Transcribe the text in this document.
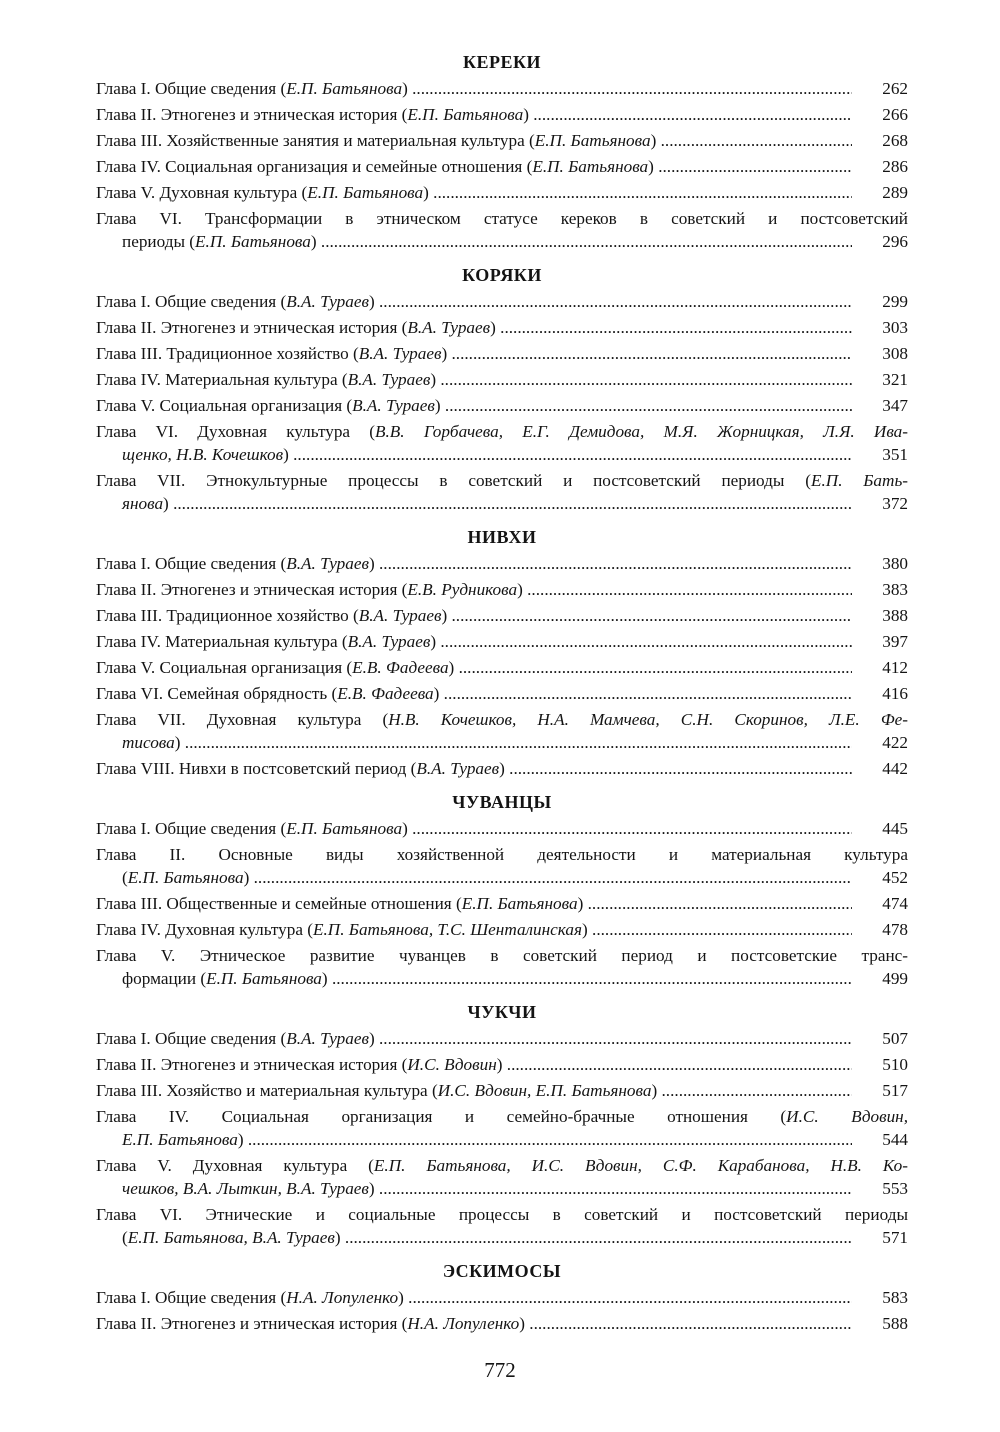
КЕРЕКИ
Глава I. Общие сведения (Е.П. Батьянова) .....	262
Глава II. Этногенез и этническая история (Е.П. Батьянова) .....	266
Глава III. Хозяйственные занятия и материальная культура (Е.П. Батьянова) .....	268
Глава IV. Социальная организация и семейные отношения (Е.П. Батьянова) .....	286
Глава V. Духовная культура (Е.П. Батьянова) .....	289
Глава VI. Трансформации в этническом статусе кереков в советский и постсоветский
периоды (Е.П. Батьянова) .....	296
КОРЯКИ
Глава I. Общие сведения (В.А. Тураев) .....	299
Глава II. Этногенез и этническая история (В.А. Тураев) .....	303
Глава III. Традиционное хозяйство (В.А. Тураев) .....	308
Глава IV. Материальная культура (В.А. Тураев) .....	321
Глава V. Социальная организация (В.А. Тураев) .....	347
Глава VI. Духовная культура (В.В. Горбачева, Е.Г. Демидова, М.Я. Жорницкая, Л.Я. Ива-
щенко, Н.В. Кочешков) .....	351
Глава VII. Этнокультурные процессы в советский и постсоветский периоды (Е.П. Бать-
янова) .....	372
НИВХИ
Глава I. Общие сведения (В.А. Тураев) .....	380
Глава II. Этногенез и этническая история (Е.В. Рудникова) .....	383
Глава III. Традиционное хозяйство (В.А. Тураев) .....	388
Глава IV. Материальная культура (В.А. Тураев) .....	397
Глава V. Социальная организация (Е.В. Фадеева) .....	412
Глава VI. Семейная обрядность (Е.В. Фадеева) .....	416
Глава VII. Духовная культура (Н.В. Кочешков, Н.А. Мамчева, С.Н. Скоринов, Л.Е. Фе-
тисова) .....	422
Глава VIII. Нивхи в постсоветский период (В.А. Тураев) .....	442
ЧУВАНЦЫ
Глава I. Общие сведения (Е.П. Батьянова) .....	445
Глава II. Основные виды хозяйственной деятельности и материальная культура
(Е.П. Батьянова) .....	452
Глава III. Общественные и семейные отношения (Е.П. Батьянова) .....	474
Глава IV. Духовная культура (Е.П. Батьянова, Т.С. Шенталинская) .....	478
Глава V. Этническое развитие чуванцев в советский период и постсоветские транс-
формации (Е.П. Батьянова) .....	499
ЧУКЧИ
Глава I. Общие сведения (В.А. Тураев) .....	507
Глава II. Этногенез и этническая история (И.С. Вдовин) .....	510
Глава III. Хозяйство и материальная культура (И.С. Вдовин, Е.П. Батьянова) .....	517
Глава IV. Социальная организация и семейно-брачные отношения (И.С. Вдовин,
Е.П. Батьянова) .....	544
Глава V. Духовная культура (Е.П. Батьянова, И.С. Вдовин, С.Ф. Карабанова, Н.В. Ко-
чешков, В.А. Лыткин, В.А. Тураев) .....	553
Глава VI. Этнические и социальные процессы в советский и постсоветский периоды
(Е.П. Батьянова, В.А. Тураев) .....	571
ЭСКИМОСЫ
Глава I. Общие сведения (Н.А. Лопуленко) .....	583
Глава II. Этногенез и этническая история (Н.А. Лопуленко) .....	588
772
